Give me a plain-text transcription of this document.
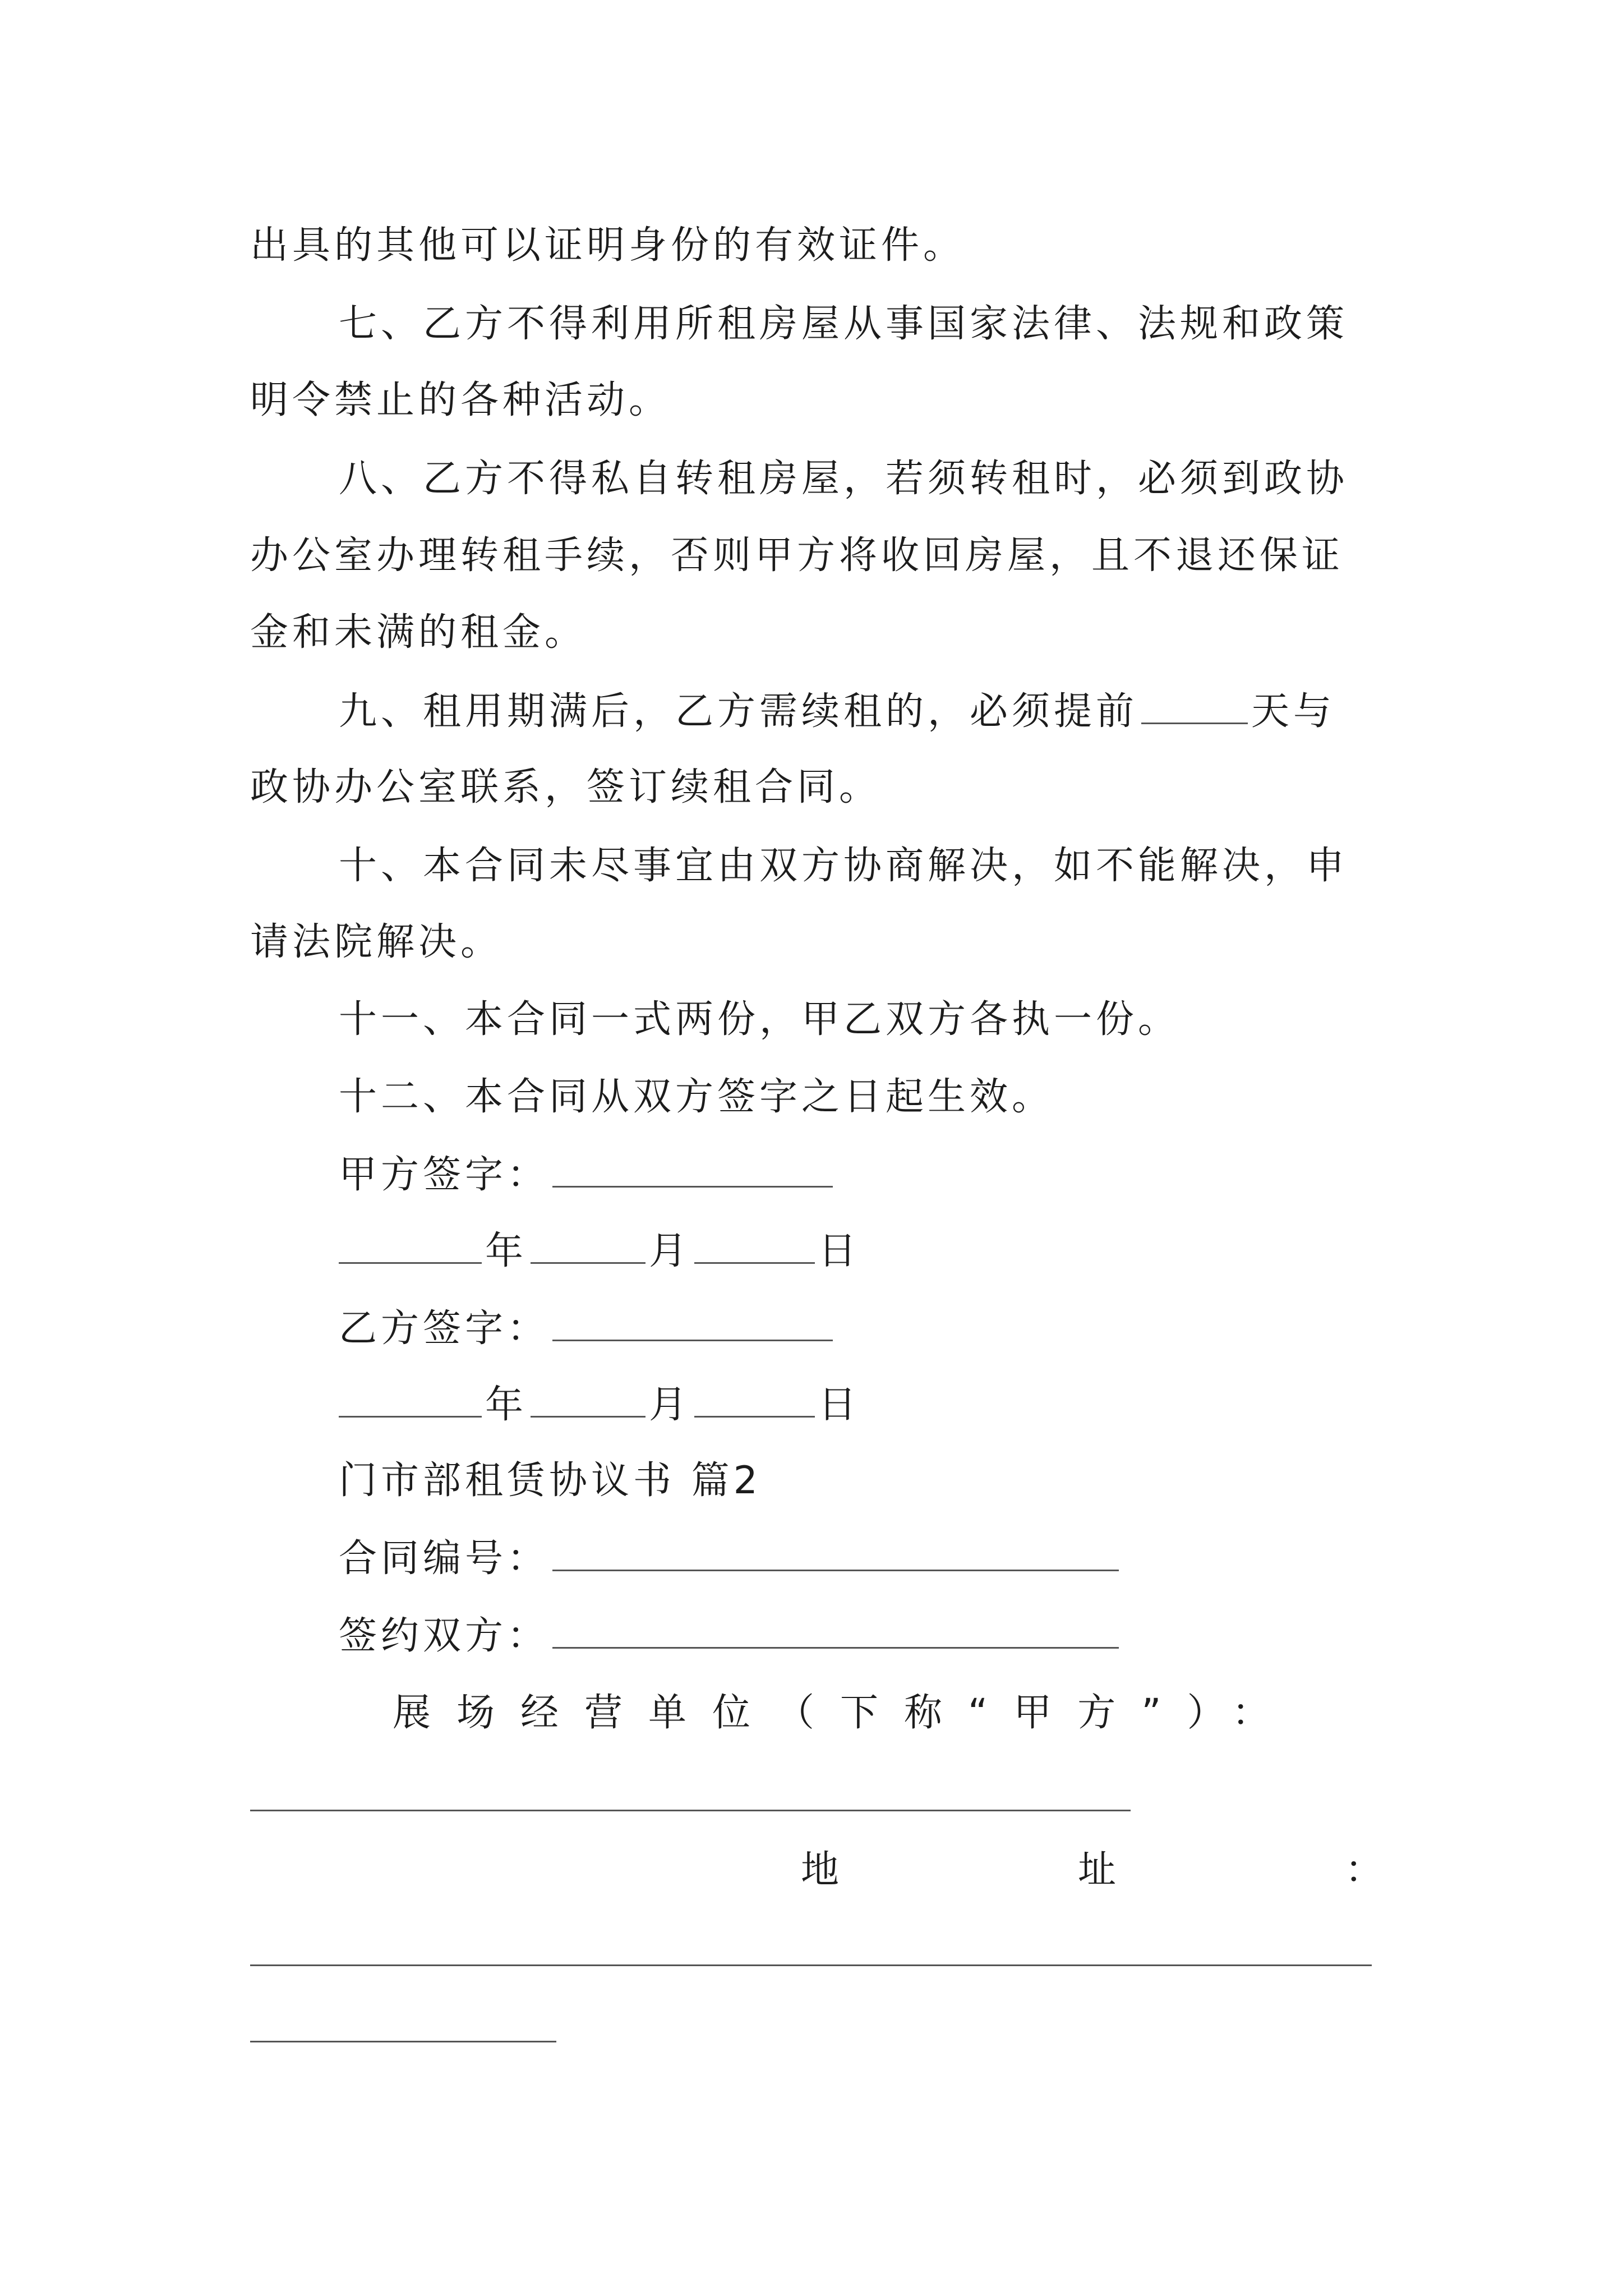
出具的其他可以证明身份的有效证件。
七、乙方不得利用所租房屋从事国家法律、法规和政策
明令禁止的各种活动。
八、乙方不得私自转租房屋，若须转租时，必须到政协
办公室办理转租手续，否则甲方将收回房屋，且不退还保证
金和未满的租金。
九、租用期满后，乙方需续租的，必须提前	天与
政协办公室联系，签订续租合同。
十、本合同未尽事宜由双方协商解决，如不能解决，申
请法院解决。
十一、本合同一式两份，甲乙双方各执一份。
十二、本合同从双方签字之日起生效。
甲方签字：
年	月	日
乙方签字：
年	月	日
门市部租赁协议书 篇2
合同编号：
签约双方：
展场经营单位（下称“甲方”）：
地	址	：
